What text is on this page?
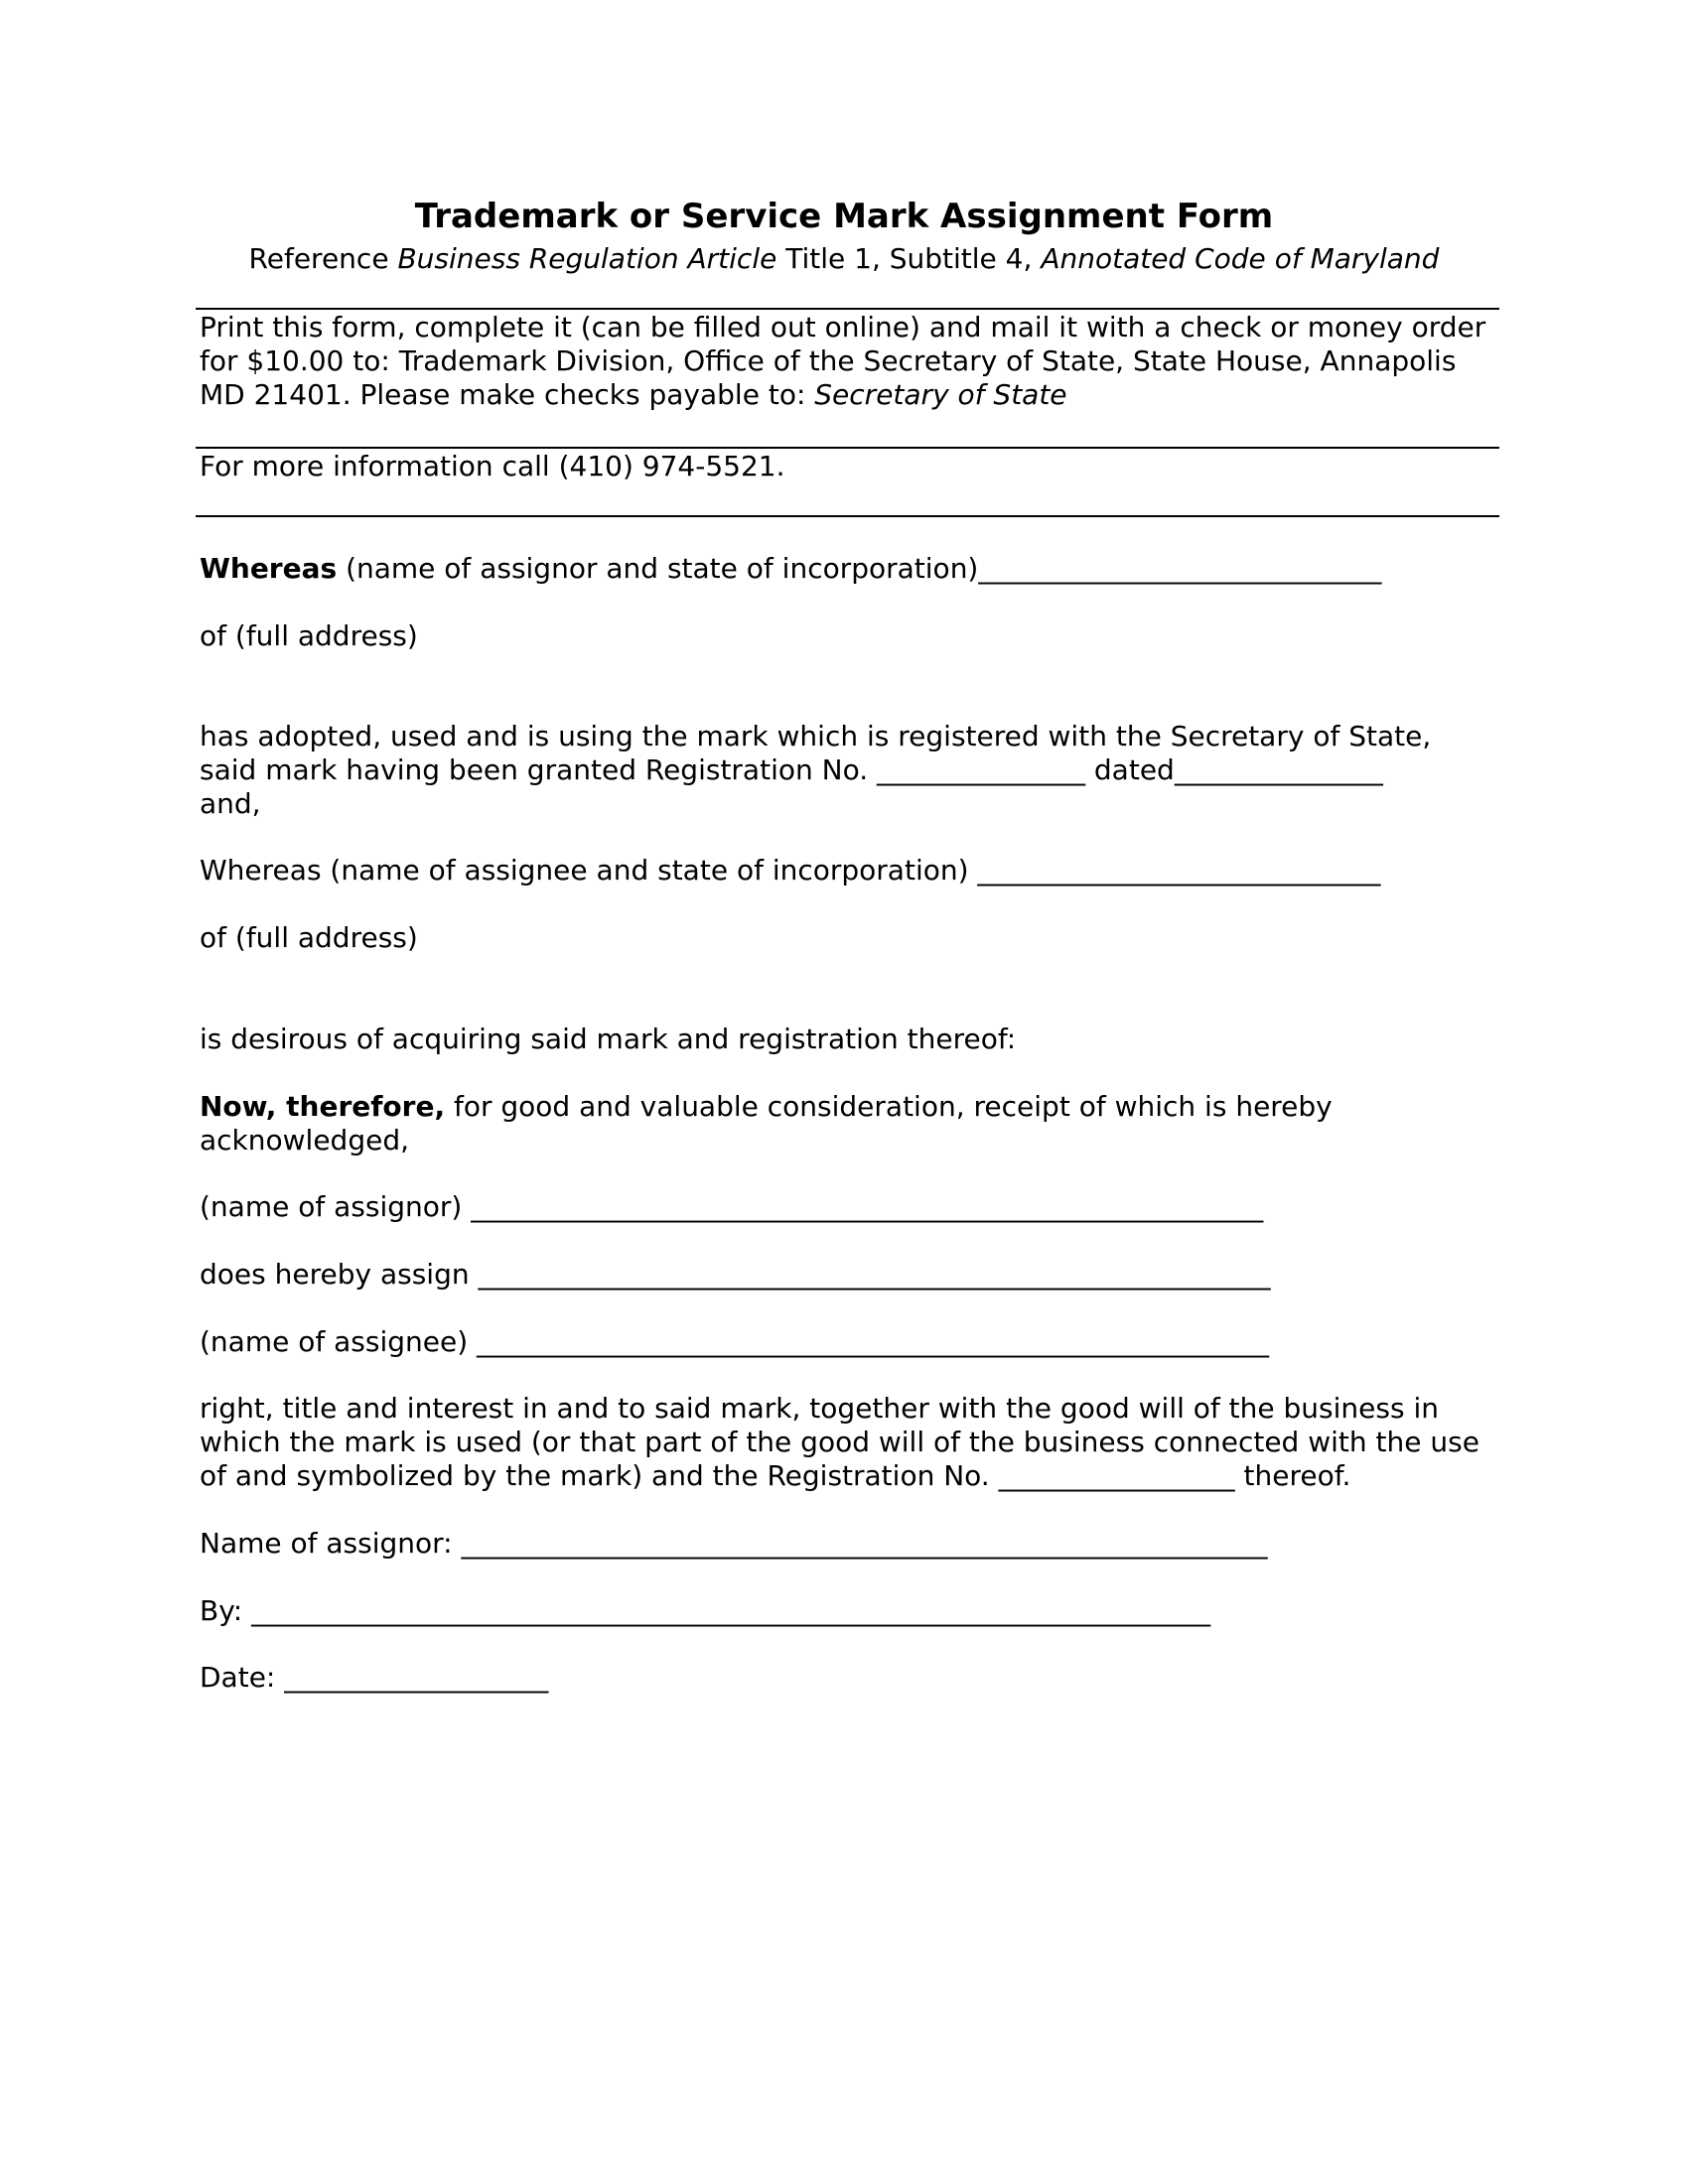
Trademark or Service Mark Assignment Form
Reference Business Regulation Article Title 1, Subtitle 4, Annotated Code of Maryland
Print this form, complete it (can be filled out online) and mail it with a check or money order
for $10.00 to: Trademark Division, Office of the Secretary of State, State House, Annapolis
MD 21401. Please make checks payable to: Secretary of State
For more information call (410) 974-5521.
Whereas (name of assignor and state of incorporation)_____________________________
of (full address)
has adopted, used and is using the mark which is registered with the Secretary of State,
said mark having been granted Registration No. _______________ dated_______________
and,
Whereas (name of assignee and state of incorporation) _____________________________
of (full address)
is desirous of acquiring said mark and registration thereof:
Now, therefore, for good and valuable consideration, receipt of which is hereby
acknowledged,
(name of assignor) _________________________________________________________
does hereby assign _________________________________________________________
(name of assignee) _________________________________________________________
right, title and interest in and to said mark, together with the good will of the business in
which the mark is used (or that part of the good will of the business connected with the use
of and symbolized by the mark) and the Registration No. _________________ thereof.
Name of assignor: __________________________________________________________
By: _____________________________________________________________________
Date: ___________________
